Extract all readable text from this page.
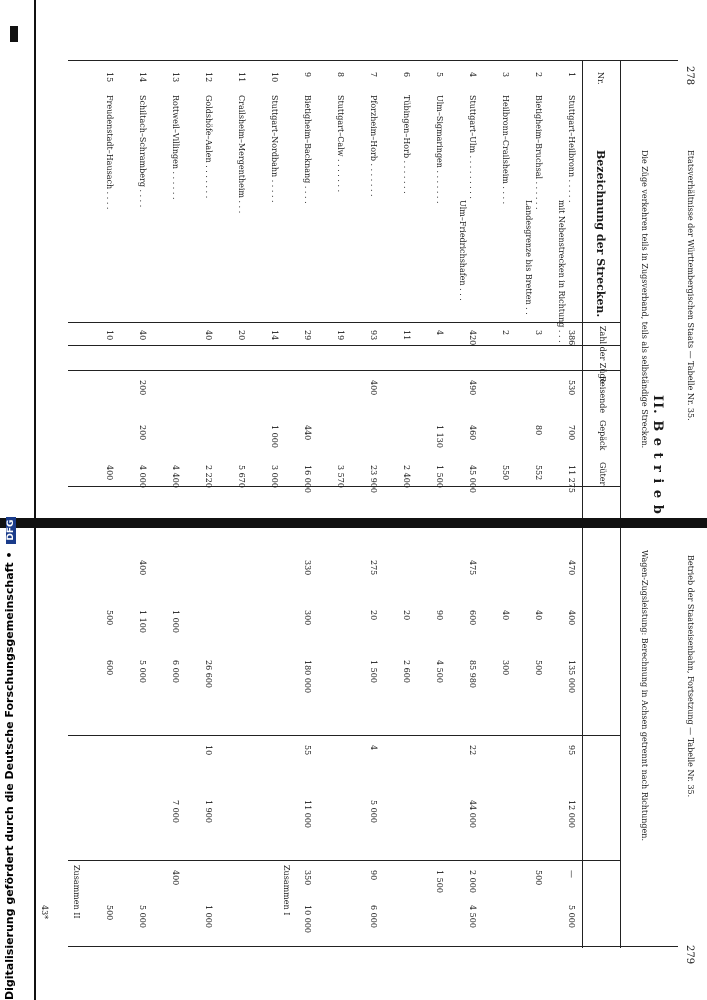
278
Etatsverhältnisse der Württembergischen Staats — Tabelle Nr. 35.
279
Betrieb der Staatseisenbahn, Fortsetzung — Tabelle Nr. 35.
II. B e t r i e b
Die Züge verkehren teils in Zugsverband, teils als selbständige Strecken.
Wagen-Zugsleistung: Berechnung in Achsen getrennt nach Richtungen.
Nr.
Bezeichnung der Strecken.
Zahl der Züge
Reisende
Gepäck
Güter
1
Stuttgart–Heilbronn . . . . .
mit Nebenstrecken in Richtung . . . 386
530
700
11 275
2
Bietigheim–Bruchsal . . . . . .
Landesgrenze bis Bretten . .
3
80
552
3
Heilbronn–Crailsheim . . . .
2
550
4
Stuttgart–Ulm . . . . . . . . .
Ulm–Friedrichshafen . . .
420
490
460
45 000
5
Ulm–Sigmaringen . . . . . . .
4
1 130
1 500
6
Tübingen–Horb . . . . . . .
11
2 400
7
Pforzheim–Horb . . . . . . .
93
400
23 900
8
Stuttgart–Calw . . . . . . .
19
3 570
9
Bietigheim–Backnang . . . .
29
440
16 000
10
Stuttgart–Nordbahn . . . . .
14
1 000
3 000
11
Crailsheim–Mergentheim . . .
20
5 670
12
Goldshöfe–Aalen . . . . . . .
40
2 220
13
Rottweil–Villingen . . . . . .
4 400
14
Schiltach–Schramberg . . . .
40
200
200
4 000
15
Freudenstadt–Hausach . . . .
10
400
470
400
135 000
95
12 000
—
5 000
40
500
500
40
300
475
600
85 980
22
44 000
2 000
4 500
90
4 500
1 500
20
2 600
275
20
1 500
4
5 000
90
6 000
330
300
180 000
55
11 000
350
10 000
26 600
10
1 900
1 000
1 000
6 000
7 000
400
400
1 100
5 000
5 000
500
600
500	Zusammen I
Zusammen II
43*
Digitalisierung gefördert durch die Deutsche Forschungsgemeinschaft • DFG
